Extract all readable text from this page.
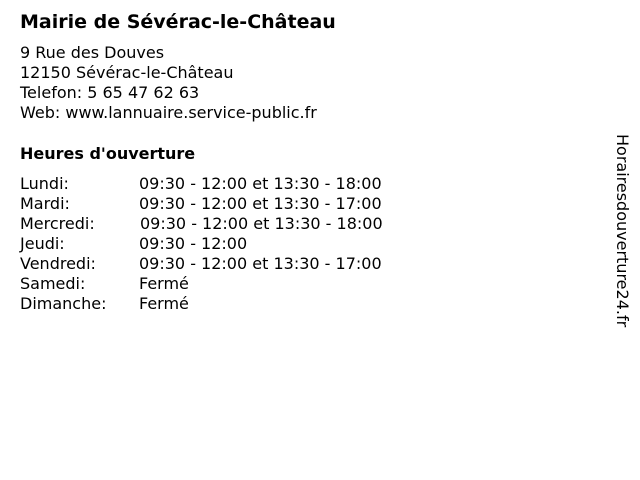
Mairie de Sévérac-le-Château
9 Rue des Douves
12150 Sévérac-le-Château
Telefon: 5 65 47 62 63
Web: www.lannuaire.service-public.fr
Heures d'ouverture
Lundi:	09:30 - 12:00 et 13:30 - 18:00
Mardi:	09:30 - 12:00 et 13:30 - 17:00
Mercredi:	09:30 - 12:00 et 13:30 - 18:00
Jeudi:	09:30 - 12:00
Vendredi:	09:30 - 12:00 et 13:30 - 17:00
Samedi:	Fermé
Dimanche: Fermé	Horairesdouverture24.fr
